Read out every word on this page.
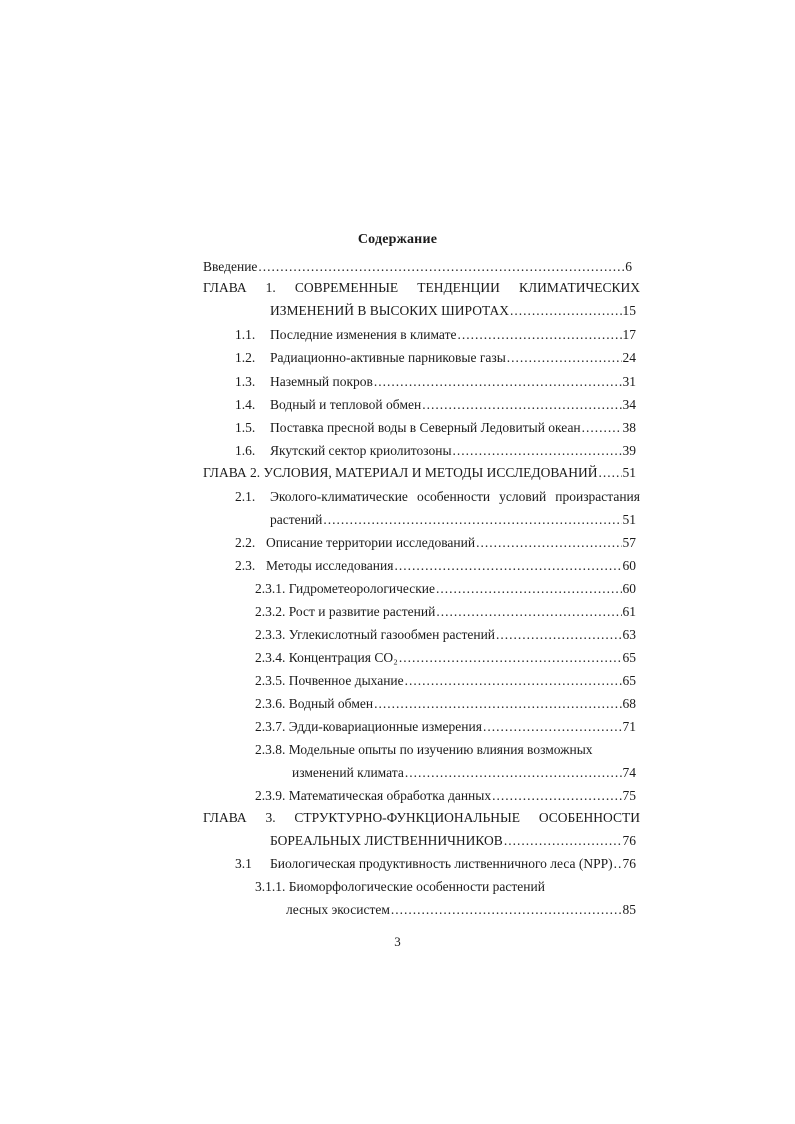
Содержание
Введение .....	6
ГЛАВА 1. СОВРЕМЕННЫЕ ТЕНДЕНЦИИ КЛИМАТИЧЕСКИХ
ИЗМЕНЕНИЙ В ВЫСОКИХ ШИРОТАХ .....	15
1.1. Последние изменения в климате .....	17
1.2. Радиационно-активные парниковые газы .....	24
1.3. Наземный покров .....	31
1.4. Водный и тепловой обмен .....	34
1.5. Поставка пресной воды в Северный Ледовитый океан .....	38
1.6. Якутский сектор криолитозоны .....	39
ГЛАВА 2. УСЛОВИЯ, МАТЕРИАЛ И МЕТОДЫ ИССЛЕДОВАНИЙ ..... 51
2.1. Эколого-климатические особенности условий произрастания
растений .....	51
2.2. Описание территории исследований .....	57
2.3. Методы исследования .....	60
2.3.1. Гидрометеорологические .....	60
2.3.2. Рост и развитие растений .....	61
2.3.3. Углекислотный газообмен растений .....	63
2.3.4. Концентрация СО₂ .....	65
2.3.5. Почвенное дыхание .....	65
2.3.6. Водный обмен .....	68
2.3.7. Эдди-ковариационные измерения .....	71
2.3.8. Модельные опыты по изучению влияния возможных
изменений климата .....	74
2.3.9. Математическая обработка данных .....	75
ГЛАВА 3. СТРУКТУРНО-ФУНКЦИОНАЛЬНЫЕ ОСОБЕННОСТИ
БОРЕАЛЬНЫХ ЛИСТВЕННИЧНИКОВ .....	76
3.1 Биологическая продуктивность лиственничного леса (NPP) ..... 76
3.1.1. Биоморфологические особенности растений
лесных экосистем .....	85
3
